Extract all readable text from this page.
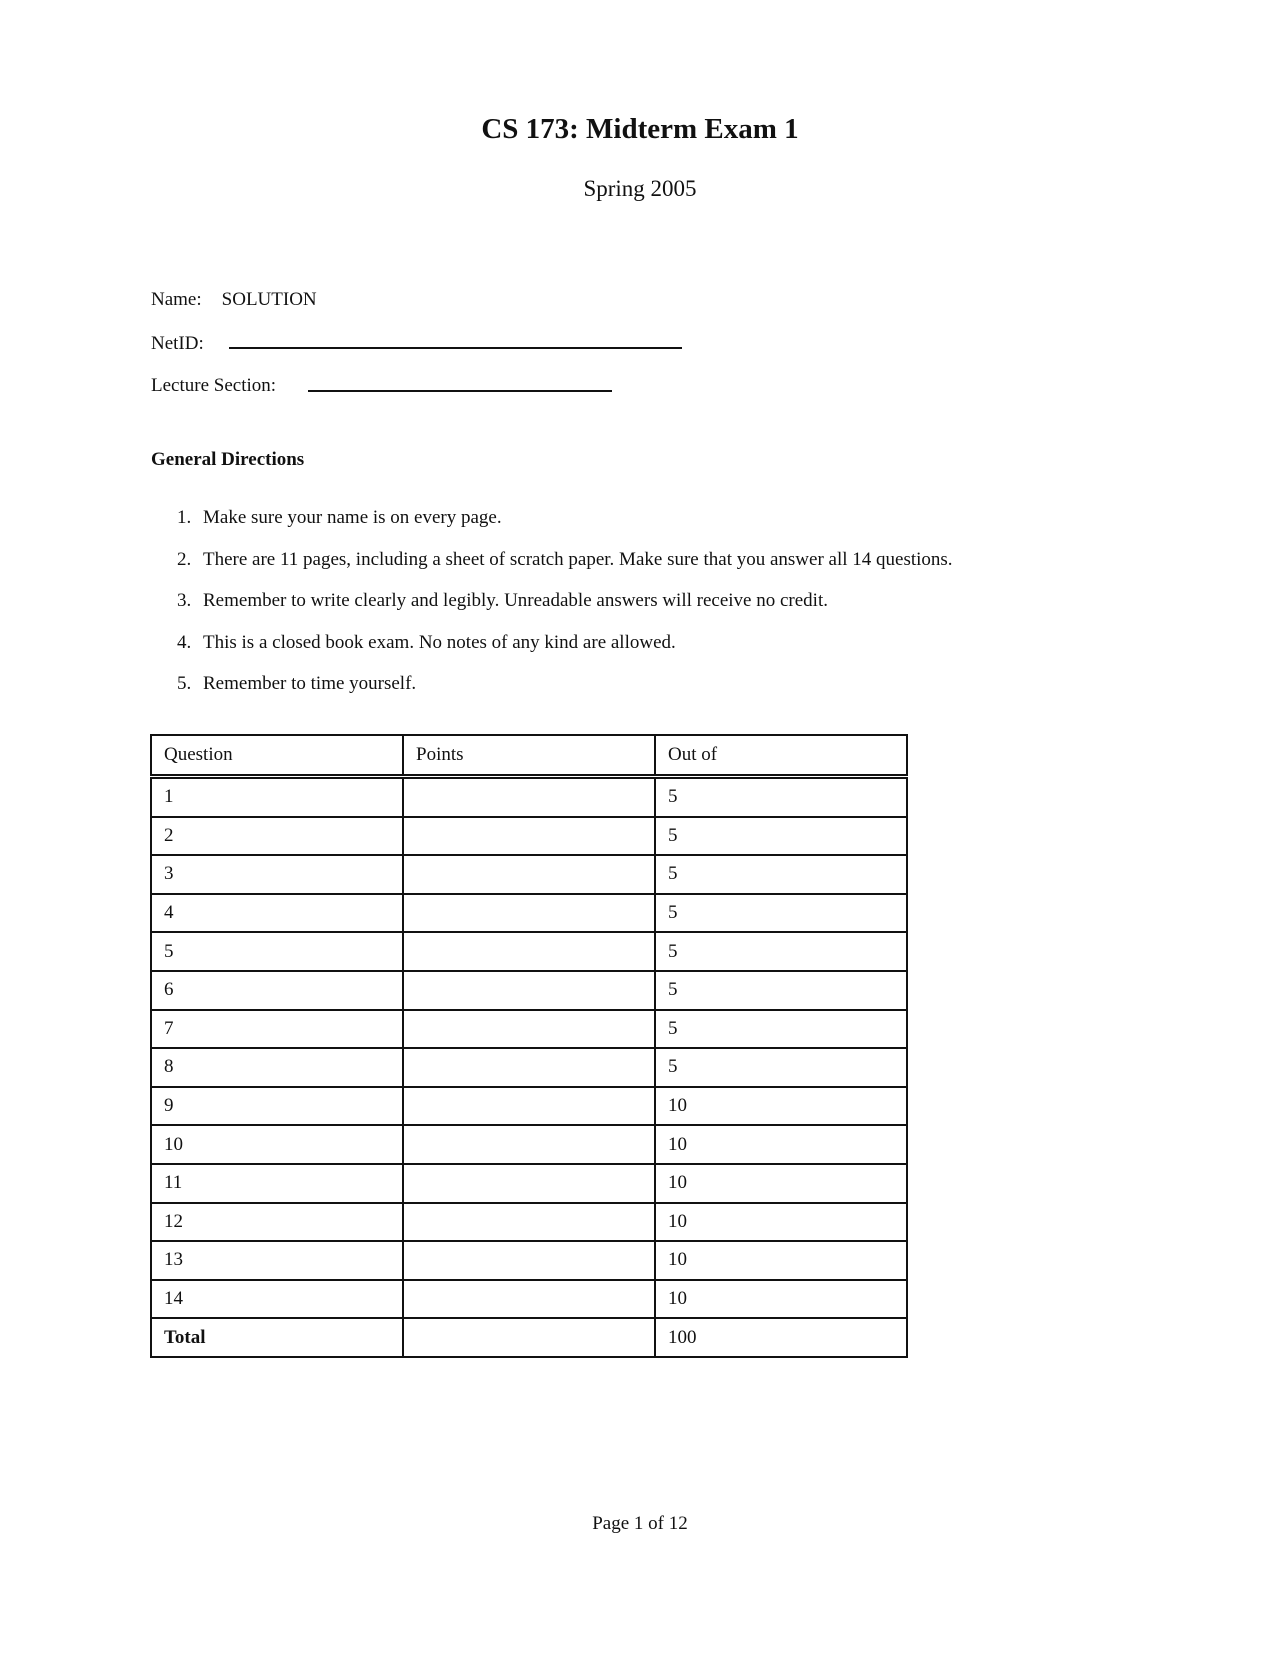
CS 173: Midterm Exam 1
Spring 2005
Name: SOLUTION
NetID:
Lecture Section:
General Directions
1. Make sure your name is on every page.
2. There are 11 pages, including a sheet of scratch paper. Make sure that you answer all 14 questions.
3. Remember to write clearly and legibly. Unreadable answers will receive no credit.
4. This is a closed book exam. No notes of any kind are allowed.
5. Remember to time yourself.
Question	Points	Out of
1		5
2		5
3		5
4		5
5		5
6		5
7		5
8		5
9		10
10		10
11		10
12		10
13		10
14		10
Total		100
Page 1 of 12
